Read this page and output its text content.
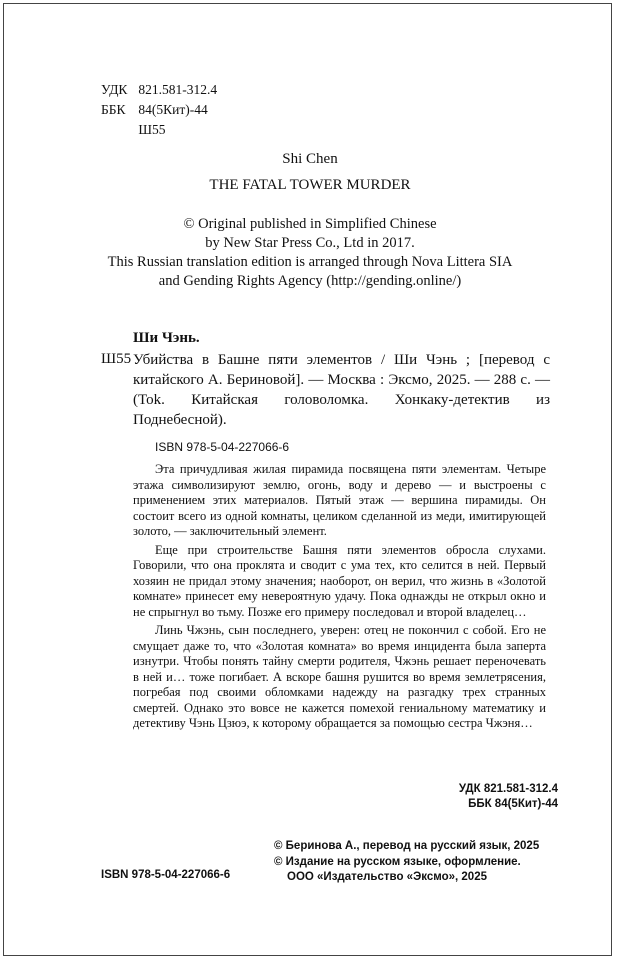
УДК 821.581-312.4
ББК 84(5Кит)-44
Ш55
Shi Chen
THE FATAL TOWER MURDER
© Original published in Simplified Chinese
by New Star Press Co., Ltd in 2017.
This Russian translation edition is arranged through Nova Littera SIA
and Gending Rights Agency (http://gending.online/)
Ши Чэнь.
Ш55 Убийства в Башне пяти элементов / Ши Чэнь ; [перевод с китайского А. Бериновой]. — Москва : Эксмо, 2025. — 288 с. — (Tok. Китайская головоломка. Хонкаку-детектив из Поднебесной).
ISBN 978-5-04-227066-6

Эта причудливая жилая пирамида посвящена пяти элементам. Четыре этажа символизируют землю, огонь, воду и дерево — и выстроены с применением этих материалов. Пятый этаж — вершина пирамиды. Он состоит всего из одной комнаты, целиком сделанной из меди, имитирующей золото, — заключительный элемент.

Еще при строительстве Башня пяти элементов обросла слухами. Говорили, что она проклята и сводит с ума тех, кто селится в ней. Первый хозяин не придал этому значения; наоборот, он верил, что жизнь в «Золотой комнате» принесет ему невероятную удачу. Пока однажды не открыл окно и не спрыгнул во тьму. Позже его примеру последовал и второй владелец…

Линь Чжэнь, сын последнего, уверен: отец не покончил с собой. Его не смущает даже то, что «Золотая комната» во время инцидента была заперта изнутри. Чтобы понять тайну смерти родителя, Чжэнь решает переночевать в ней и… тоже погибает. А вскоре башня рушится во время землетрясения, погребая под своими обломками надежду на разгадку трех странных смертей. Однако это вовсе не кажется помехой гениальному математику и детективу Чэнь Цзюэ, к которому обращается за помощью сестра Чжэня…

УДК 821.581-312.4
ББК 84(5Кит)-44
ISBN 978-5-04-227066-6
© Беринова А., перевод на русский язык, 2025
© Издание на русском языке, оформление.
ООО «Издательство «Эксмо», 2025
